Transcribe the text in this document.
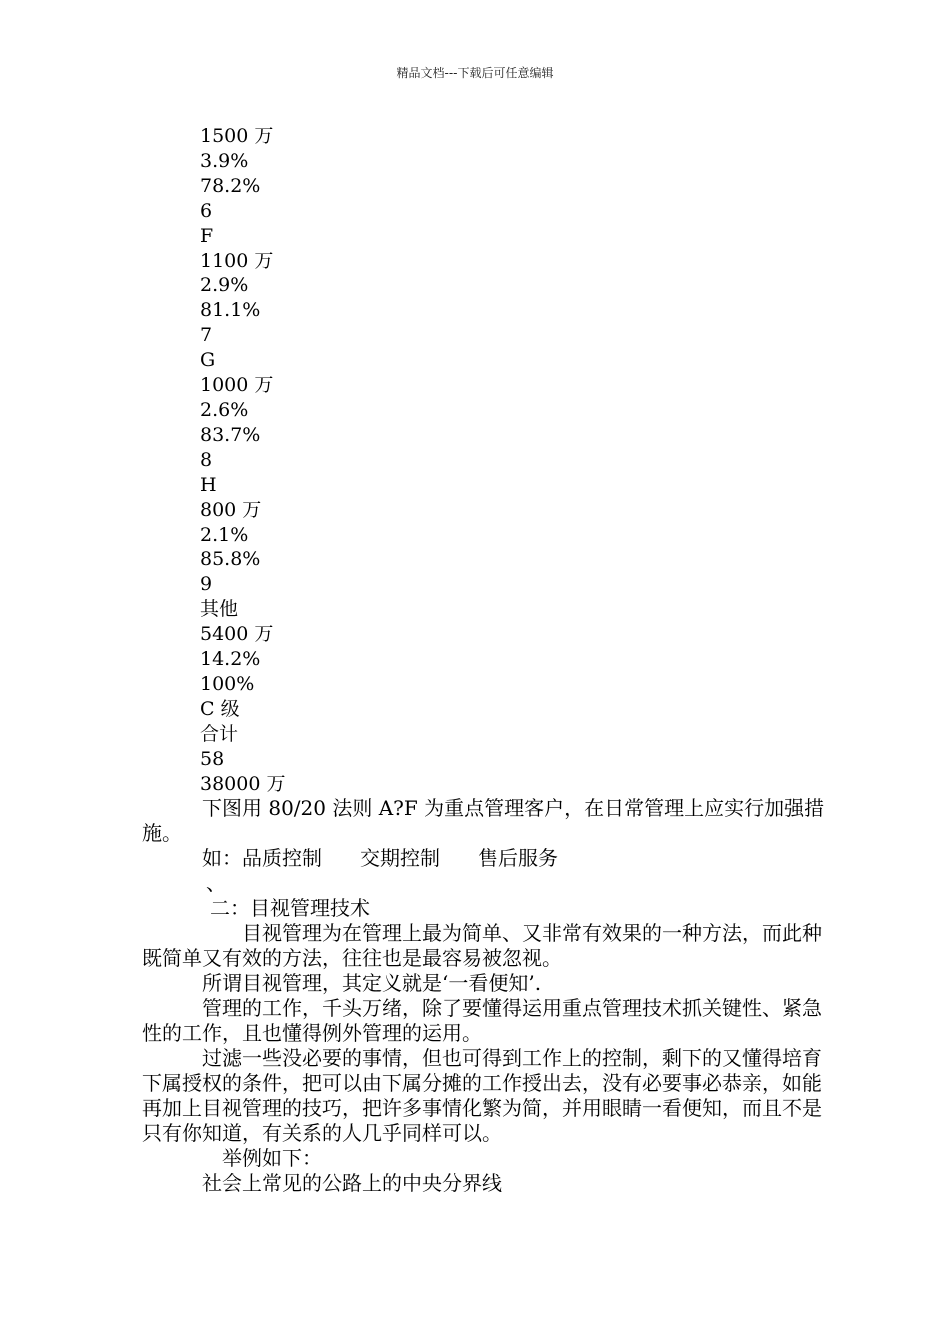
精品文档---下载后可任意编辑
1500 万
3.9%
78.2%
6
F
1100 万
2.9%
81.1%
7
G
1000 万
2.6%
83.7%
8
H
800 万
2.1%
85.8%
9
其他
5400 万
14.2%
100%
C 级
合计
58
38000 万

下图用 80/20 法则 A?F 为重点管理客户，在日常管理上应实行加强措施。

如： 品质控制 交期控制 售后服务
、

二：目视管理技术

目视管理为在管理上最为简单、又非常有效果的一种方法，而此种既简单又有效的方法，往往也是最容易被忽视。

所谓目视管理，其定义就是‘一看便知’.

管理的工作，千头万绪，除了要懂得运用重点管理技术抓关键性、紧急性的工作，且也懂得例外管理的运用。

过滤一些没必要的事情，但也可得到工作上的控制，剩下的又懂得培育下属授权的条件，把可以由下属分摊的工作授出去，没有必要事必恭亲，如能再加上目视管理的技巧，把许多事情化繁为简，并用眼睛一看便知，而且不是只有你知道，有关系的人几乎同样可以。

举例如下：

社会上常见的公路上的中央分界线
